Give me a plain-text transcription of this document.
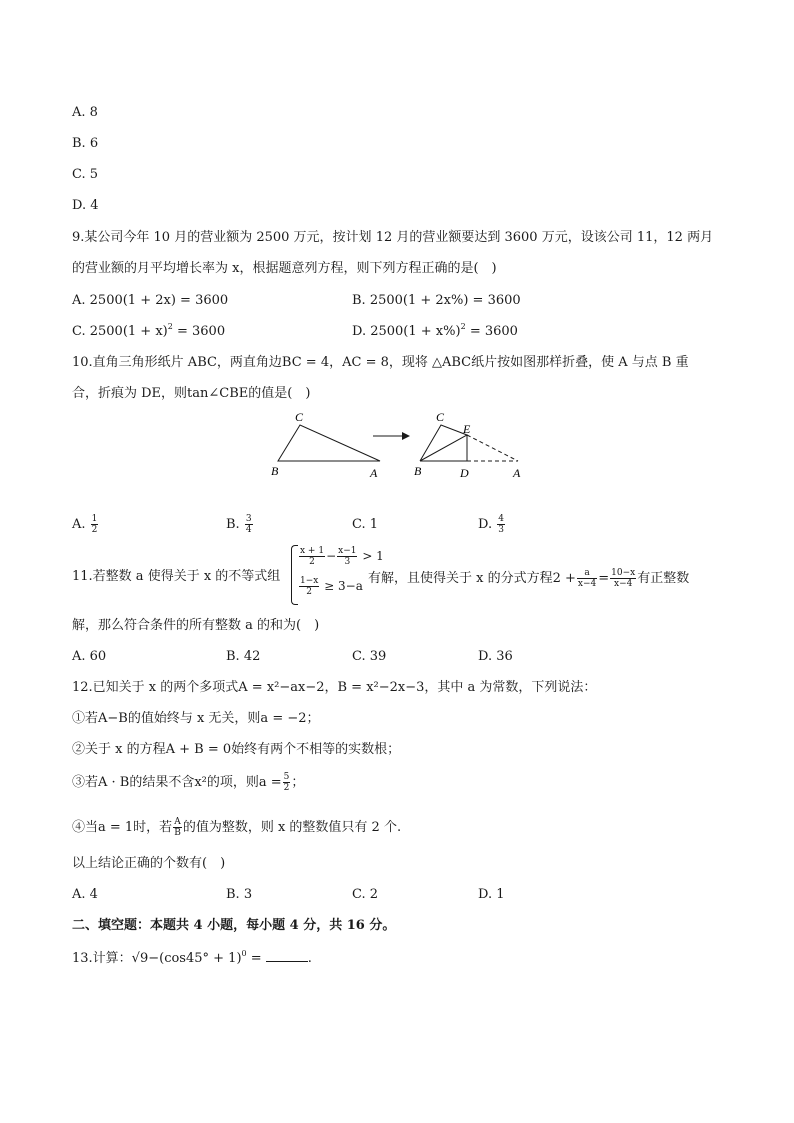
A. 8
B. 6
C. 5
D. 4
9.某公司今年 10 月的营业额为 2500 万元，按计划 12 月的营业额要达到 3600 万元，设该公司 11，12 两月
的营业额的月平均增长率为 x，根据题意列方程，则下列方程正确的是(　)
A. 2500(1 + 2x) = 3600	B. 2500(1 + 2x%) = 3600
C. $2500(1 + x)^2 = 3600$	D. $2500(1 + x\%)^2 = 3600$
10.直角三角形纸片 ABC，两直角边BC = 4，AC = 8，现将 △ABC纸片按如图那样折叠，使 A 与点 B 重
合，折痕为 DE，则tan∠CBE的值是(　)
C
B	A
C
E
B	D	A
A. $\frac{1}{2}$	B. $\frac{3}{4}$	C. 1	D. $\frac{4}{3}$
11.若整数 a 使得关于 x 的不等式组
$\frac{x + 1}{2} - \frac{x-1}{3} > 1$
$\frac{1-x}{2} \ge 3-a$ 有解，且使得关于 x 的分式方程$2 + \frac{a}{x-4} = \frac{10-x}{x-4}$ 有正整数
解，那么符合条件的所有整数 a 的和为(　)
A. 60	B. 42	C. 39	D. 36
12.已知关于 x 的两个多项式A = x²−ax−2，B = x²−2x−3，其中 a 为常数，下列说法：
①若A−B的值始终与 x 无关，则a = −2；
②关于 x 的方程A + B = 0始终有两个不相等的实数根；
③若A · B的结果不含x²的项，则$a = \frac{5}{2}$ ；
④当a = 1时，若 $\frac{A}{B}$ 的值为整数，则 x 的整数值只有 2 个.
以上结论正确的个数有(　)
A. 4	B. 3	C. 2	D. 1
二、填空题：本题共 4 小题，每小题 4 分，共 16 分。
13.计算：$√9-(\cos 45^\circ + 1)^0$ =	.
